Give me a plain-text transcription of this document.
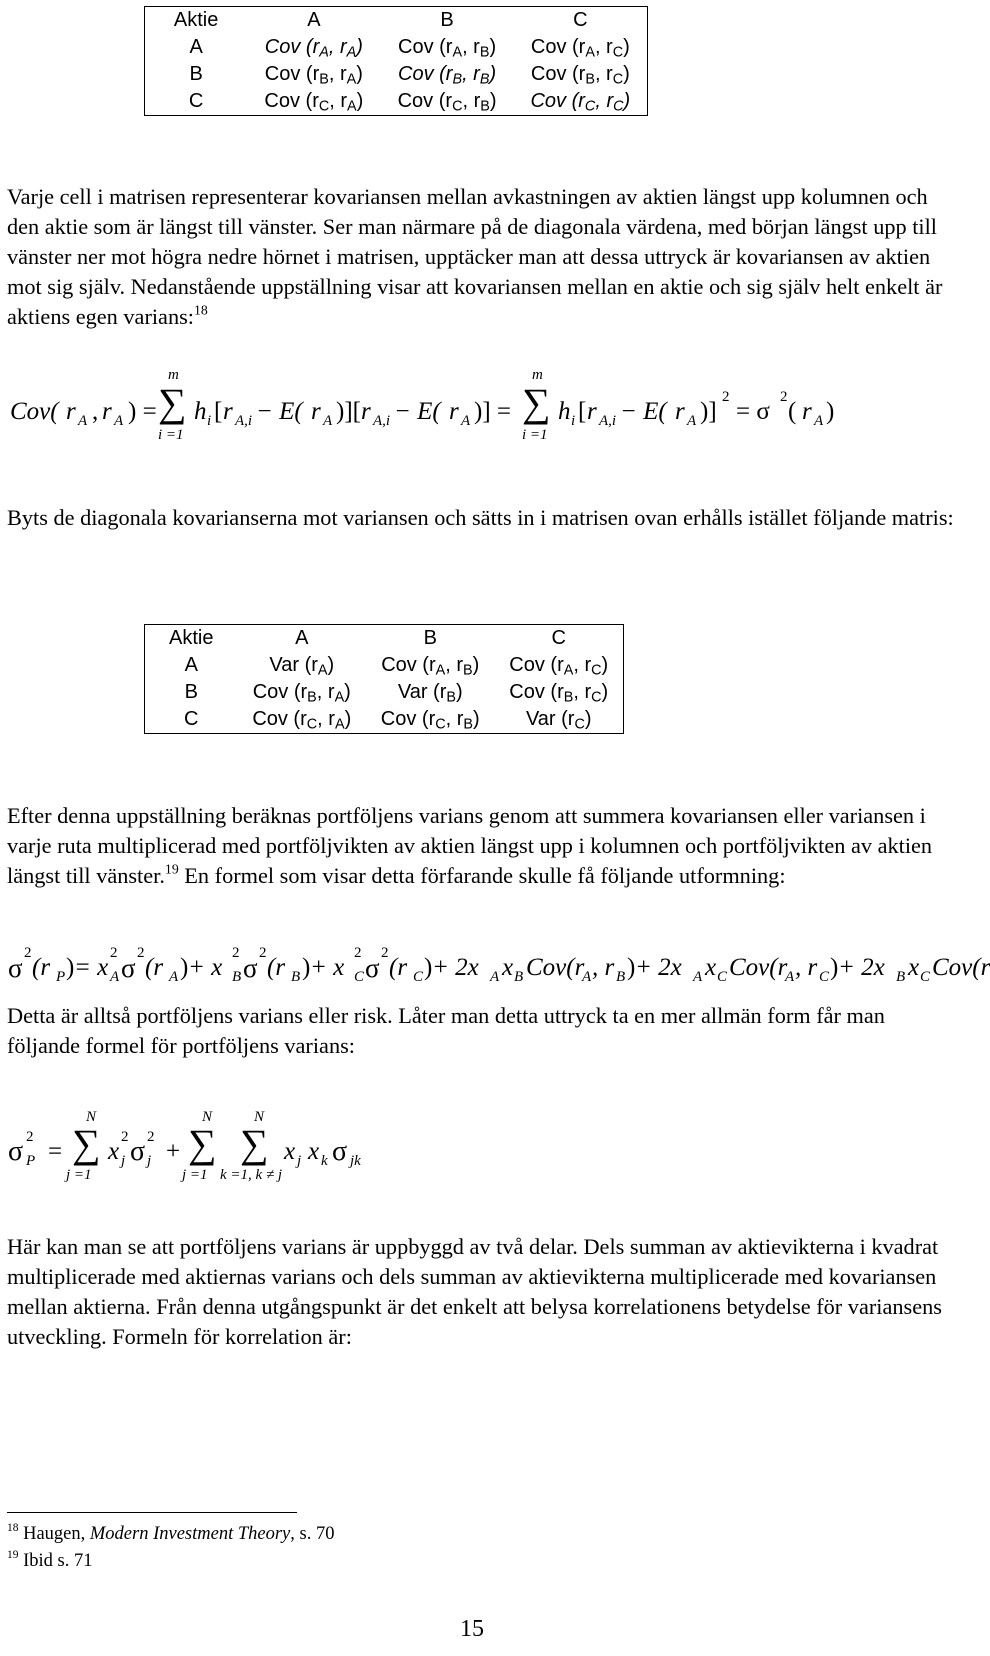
Aktie	A	B	C
A	Cov ($r_A$, $r_A$)	Cov ($r_A$, $r_B$)	Cov ($r_A$, $r_C$)
B	Cov ($r_B$, $r_A$)	Cov ($r_B$, $r_B$)	Cov ($r_B$, $r_C$)
C	Cov ($r_C$, $r_A$)	Cov ($r_C$, $r_B$)	Cov ($r_C$, $r_C$)

Varje cell i matrisen representerar kovariansen mellan avkastningen av aktien längst upp kolumnen och den aktie som är längst till vänster. Ser man närmare på de diagonala värdena, med början längst upp till vänster ner mot högra nedre hörnet i matrisen, upptäcker man att dessa uttryck är kovariansen av aktien mot sig själv. Nedanstående uppställning visar att kovariansen mellan en aktie och sig själv helt enkelt är aktiens egen varians:$^{18}$

Cov( r A , r A ) =
m
∑
i =1
h i [ r A,i − E( r A )][ r A,i − E( r A )] =
m
∑
i =1
h i [ r A,i − E( r A )]
2
= σ
2
( r A )

Byts de diagonala kovarianserna mot variansen och sätts in i matrisen ovan erhålls istället följande matris:

Aktie	A	B	C
A	Var $(r_A)$	Cov ($r_A$, $r_B$)	Cov ($r_A$, $r_C$)
B	Cov ($r_B$, $r_A$)	Var $(r_B)$	Cov ($r_B$, $r_C$)
C	Cov ($r_C$, $r_A$)	Cov ($r_C$, $r_B$)	Var $(r_C)$

Efter denna uppställning beräknas portföljens varians genom att summera kovariansen eller variansen i varje ruta multiplicerad med portföljvikten av aktien längst upp i kolumnen och portföljvikten av aktien längst till vänster.$^{19}$ En formel som visar detta förfarande skulle få följande utformning:

σ 2
(r P ) = x
2
A σ 2
(r A ) + x
2
B σ 2
(r B ) + x
2
C σ 2
(r C ) + 2x A x B Cov(r
A , r B ) + 2x A x C Cov(r
A , r C ) + 2x B x C Cov(r

Detta är alltså portföljens varians eller risk. Låter man detta uttryck ta en mer allmän form får man följande formel för portföljens varians:

σ 2
P =
N
∑
j =1
x
2
j σ 2
j +
N
∑
j =1
N
∑
k =1, k ≠ j
x j x k σ jk

Här kan man se att portföljens varians är uppbyggd av två delar. Dels summan av aktievikterna i kvadrat multiplicerade med aktiernas varians och dels summan av aktievikterna multiplicerade med kovariansen mellan aktierna. Från denna utgångspunkt är det enkelt att belysa korrelationens betydelse för variansens utveckling. Formeln för korrelation är:

$^{18}$ Haugen, Modern Investment Theory, s. 70
$^{19}$ Ibid s. 71
15
